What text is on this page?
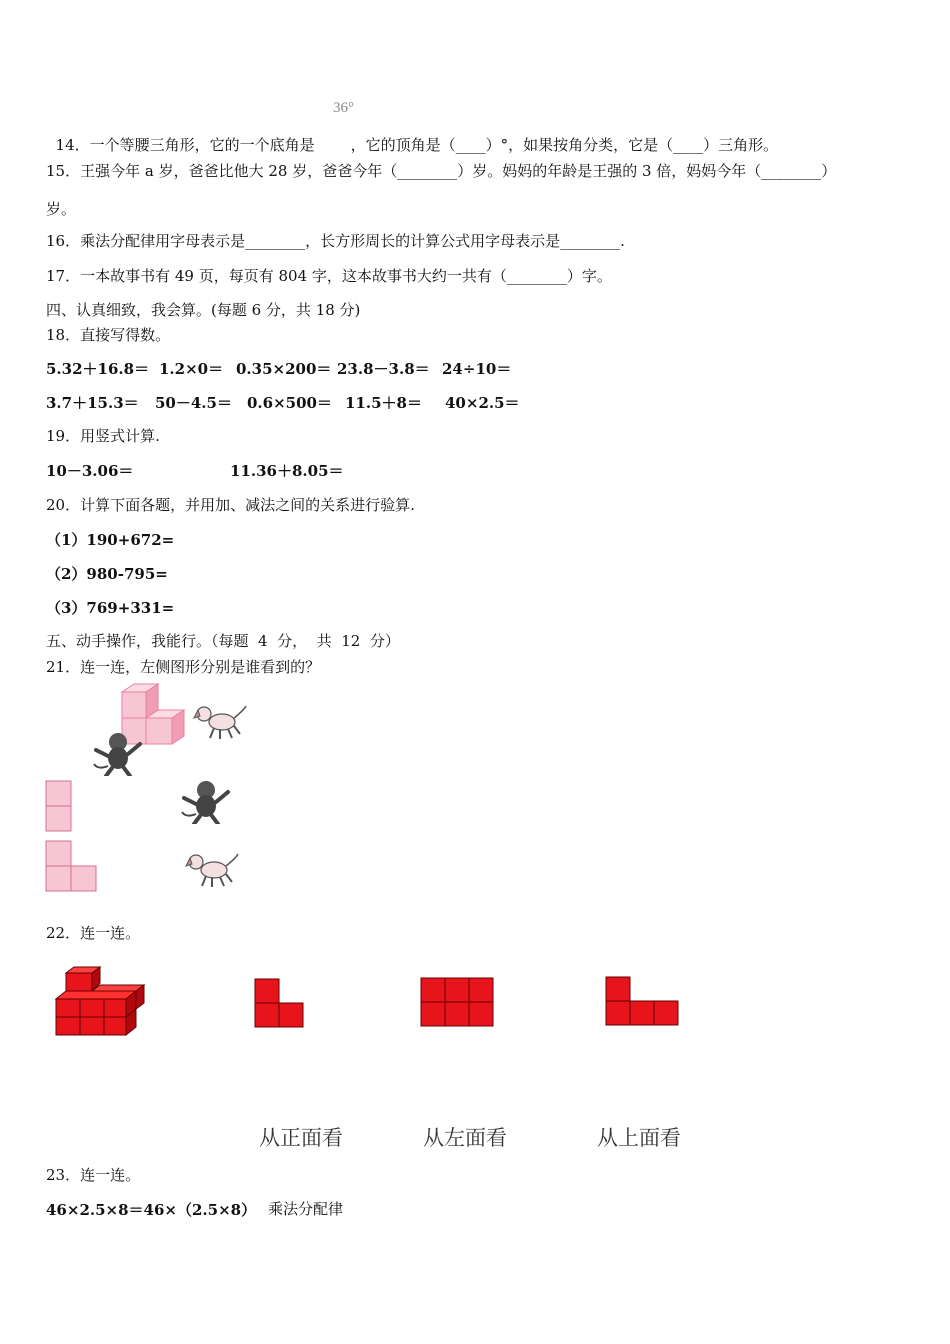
14．一个等腰三角形，它的一个底角是 ，它的顶角是（____）°，如果按角分类，它是（____）三角形。

36°
15．王强今年 a 岁，爸爸比他大 28 岁，爸爸今年（________）岁。妈妈的年龄是王强的 3 倍，妈妈今年（________）
岁。
16．乘法分配律用字母表示是________，长方形周长的计算公式用字母表示是________.
17．一本故事书有 49 页，每页有 804 字，这本故事书大约一共有（________）字。
四、认真细致，我会算。(每题 6 分，共 18 分)
18．直接写得数。
5.32＋16.8＝ 1.2×0＝ 0.35×200＝ 23.8－3.8＝ 24÷10＝
3.7＋15.3＝ 50－4.5＝ 0.6×500＝ 11.5＋8＝ 40×2.5＝
19．用竖式计算.
10－3.06＝	11.36＋8.05＝
20．计算下面各题，并用加、减法之间的关系进行验算.
（1）190+672=
（2）980-795=
（3）769+331=
五、动手操作，我能行。（每题  4  分，  共  12  分）
21．连一连，左侧图形分别是谁看到的？
22．连一连。
从正面看	从左面看	从上面看
23．连一连。
46×2.5×8＝46×（2.5×8） 乘法分配律
